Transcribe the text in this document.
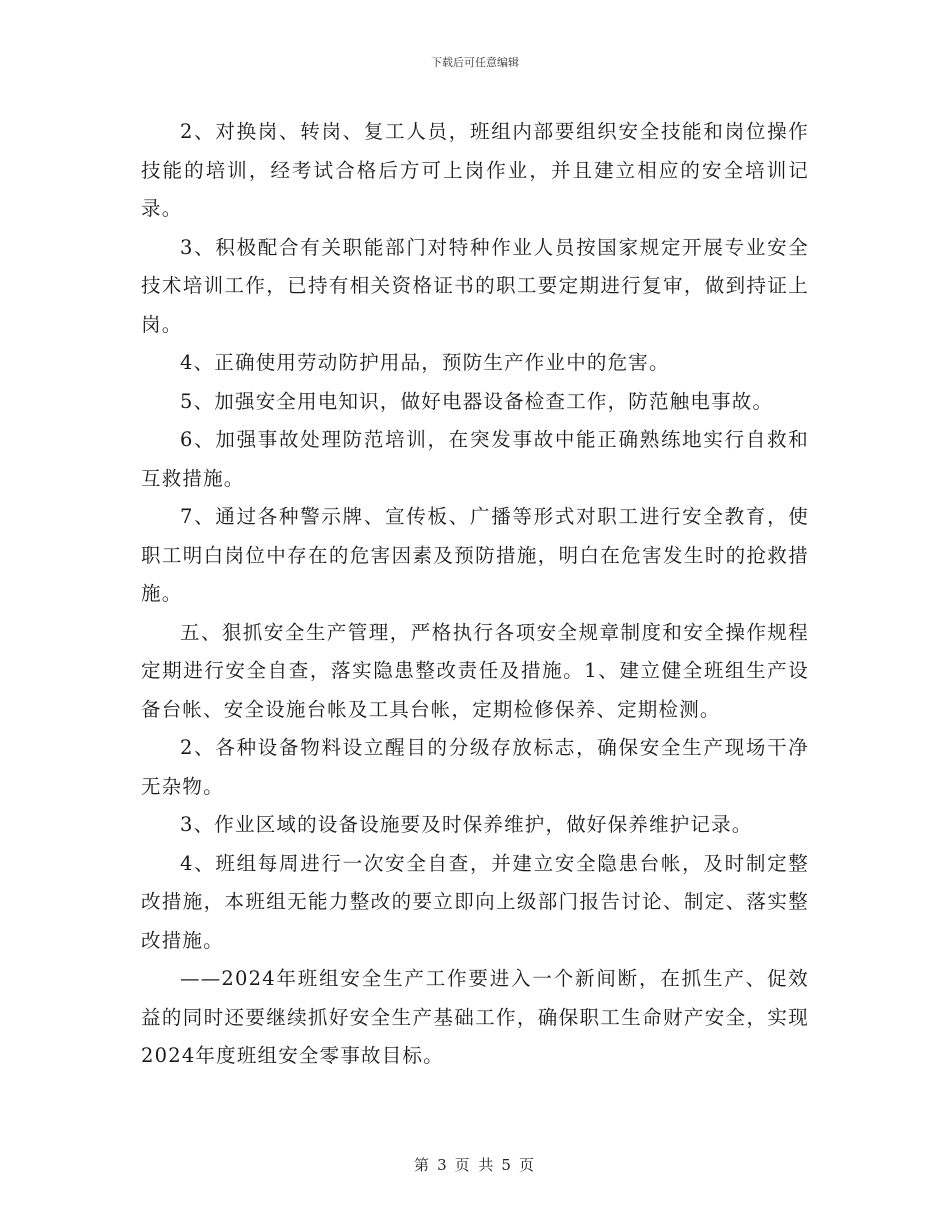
下载后可任意编辑

2、对换岗、转岗、复工人员，班组内部要组织安全技能和岗位操作技能的培训，经考试合格后方可上岗作业，并且建立相应的安全培训记录。

3、积极配合有关职能部门对特种作业人员按国家规定开展专业安全技术培训工作，已持有相关资格证书的职工要定期进行复审，做到持证上岗。

4、正确使用劳动防护用品，预防生产作业中的危害。

5、加强安全用电知识，做好电器设备检查工作，防范触电事故。

6、加强事故处理防范培训，在突发事故中能正确熟练地实行自救和互救措施。

7、通过各种警示牌、宣传板、广播等形式对职工进行安全教育，使职工明白岗位中存在的危害因素及预防措施，明白在危害发生时的抢救措施。

五、狠抓安全生产管理，严格执行各项安全规章制度和安全操作规程定期进行安全自查，落实隐患整改责任及措施。1、建立健全班组生产设备台帐、安全设施台帐及工具台帐，定期检修保养、定期检测。

2、各种设备物料设立醒目的分级存放标志，确保安全生产现场干净无杂物。

3、作业区域的设备设施要及时保养维护，做好保养维护记录。

4、班组每周进行一次安全自查，并建立安全隐患台帐，及时制定整改措施，本班组无能力整改的要立即向上级部门报告讨论、制定、落实整改措施。

——2024年班组安全生产工作要进入一个新间断，在抓生产、促效益的同时还要继续抓好安全生产基础工作，确保职工生命财产安全，实现2024年度班组安全零事故目标。

第 3 页 共 5 页
